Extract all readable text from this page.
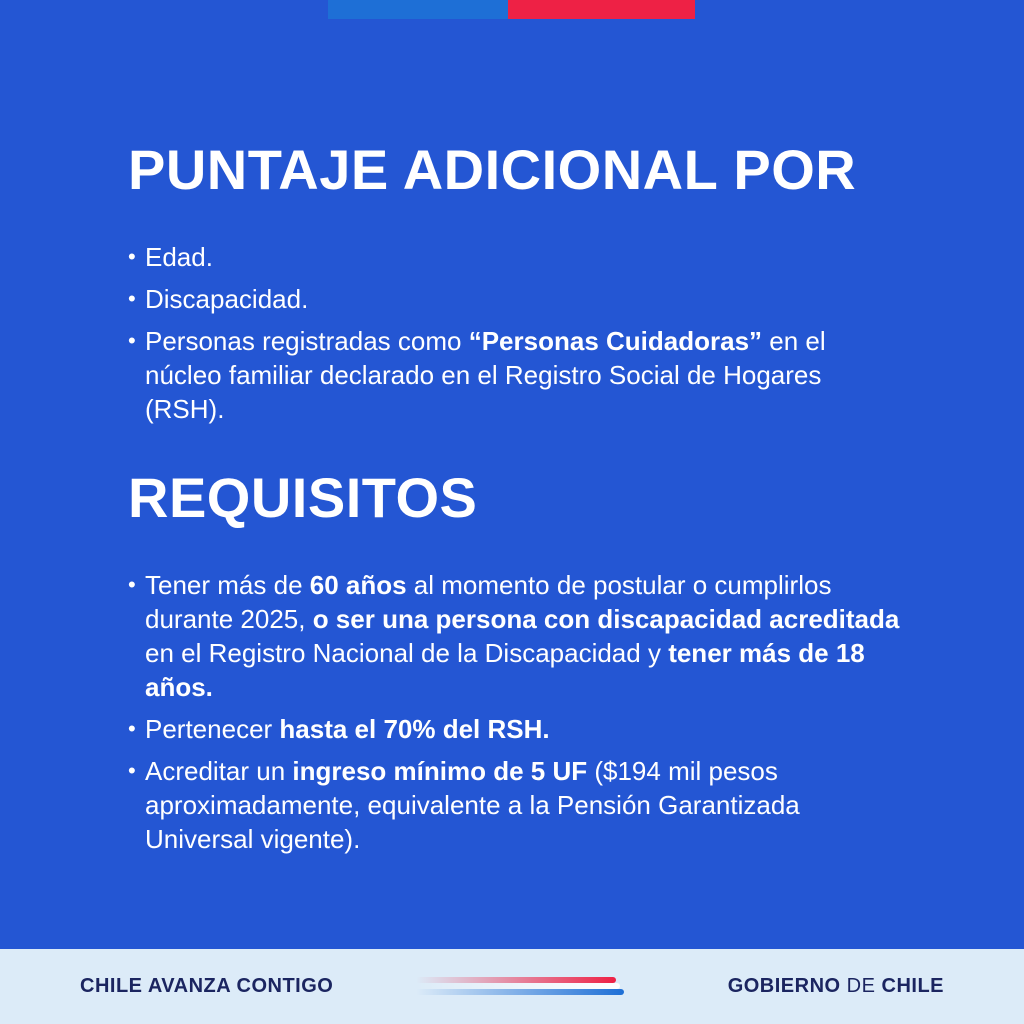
PUNTAJE ADICIONAL POR
• Edad.
• Discapacidad.
• Personas registradas como “Personas Cuidadoras” en el núcleo familiar declarado en el Registro Social de Hogares (RSH).
REQUISITOS
• Tener más de 60 años al momento de postular o cumplirlos durante 2025, o ser una persona con discapacidad acreditada en el Registro Nacional de la Discapacidad y tener más de 18 años.
• Pertenecer hasta el 70% del RSH.
• Acreditar un ingreso mínimo de 5 UF ($194 mil pesos aproximadamente, equivalente a la Pensión Garantizada Universal vigente).
CHILE AVANZA CONTIGO	GOBIERNO DE CHILE
